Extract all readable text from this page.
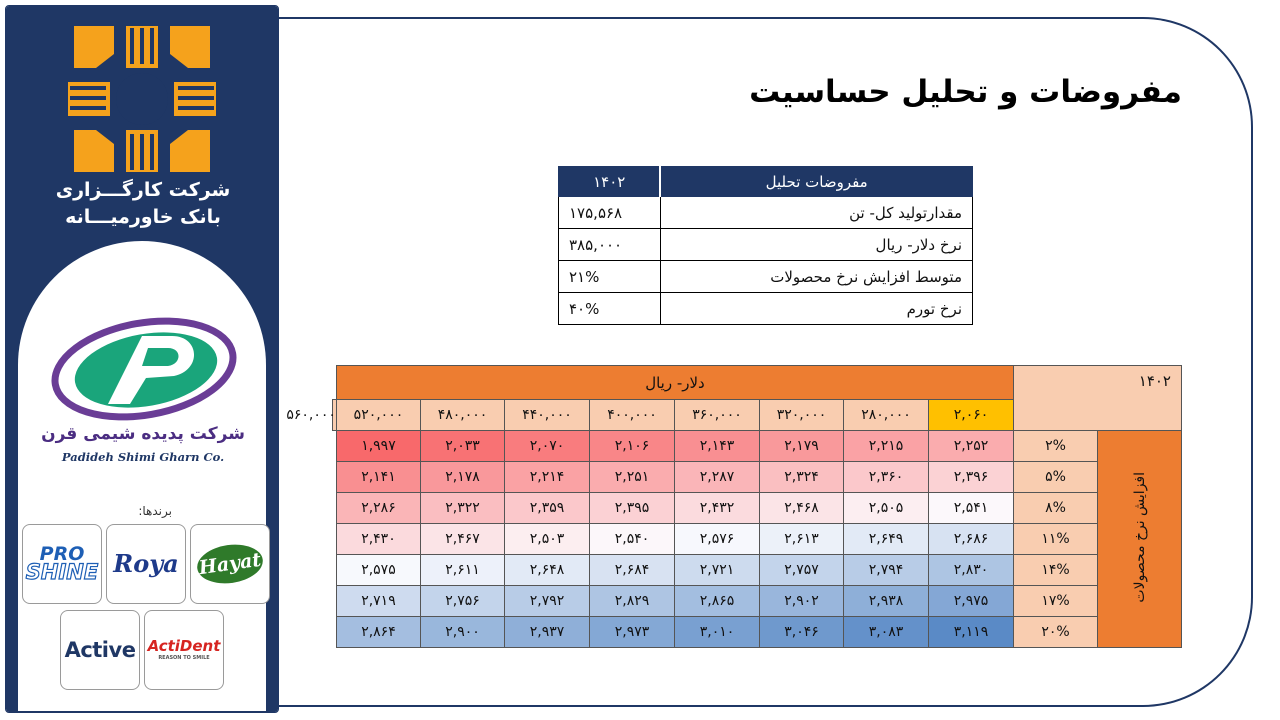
شرکت کارگـــزاری
بانک خاورمیـــانه
شرکت پدیده شیمی قرن
Padideh Shimi Gharn Co.
برندها:
Hayat
Roya
PRO
SHINE
ActiDent
REASON TO SMILE
Active
مفروضات و تحلیل حساسیت
مفروضات تحلیل	۱۴۰۲
مقدارتولید کل- تن	۱۷۵,۵۶۸
نرخ دلار- ریال	۳۸۵,۰۰۰
متوسط افزایش نرخ محصولات	۲۱%
نرخ تورم	۴۰%
۱۴۰۲		دلار- ریال								
		۲,۰۶۰	۲۸۰,۰۰۰	۳۲۰,۰۰۰	۳۶۰,۰۰۰	۴۰۰,۰۰۰	۴۴۰,۰۰۰	۴۸۰,۰۰۰	۵۲۰,۰۰۰	۵۶۰,۰۰۰
افزایش نرخ محصولات	۲%	۲,۲۵۲	۲,۲۱۵	۲,۱۷۹	۲,۱۴۳	۲,۱۰۶	۲,۰۷۰	۲,۰۳۳	۱,۹۹۷	
	۵%	۲,۳۹۶	۲,۳۶۰	۲,۳۲۴	۲,۲۸۷	۲,۲۵۱	۲,۲۱۴	۲,۱۷۸	۲,۱۴۱	
	۸%	۲,۵۴۱	۲,۵۰۵	۲,۴۶۸	۲,۴۳۲	۲,۳۹۵	۲,۳۵۹	۲,۳۲۲	۲,۲۸۶	
	۱۱%	۲,۶۸۶	۲,۶۴۹	۲,۶۱۳	۲,۵۷۶	۲,۵۴۰	۲,۵۰۳	۲,۴۶۷	۲,۴۳۰	
	۱۴%	۲,۸۳۰	۲,۷۹۴	۲,۷۵۷	۲,۷۲۱	۲,۶۸۴	۲,۶۴۸	۲,۶۱۱	۲,۵۷۵	
	۱۷%	۲,۹۷۵	۲,۹۳۸	۲,۹۰۲	۲,۸۶۵	۲,۸۲۹	۲,۷۹۲	۲,۷۵۶	۲,۷۱۹	
	۲۰%	۳,۱۱۹	۳,۰۸۳	۳,۰۴۶	۳,۰۱۰	۲,۹۷۳	۲,۹۳۷	۲,۹۰۰	۲,۸۶۴	
